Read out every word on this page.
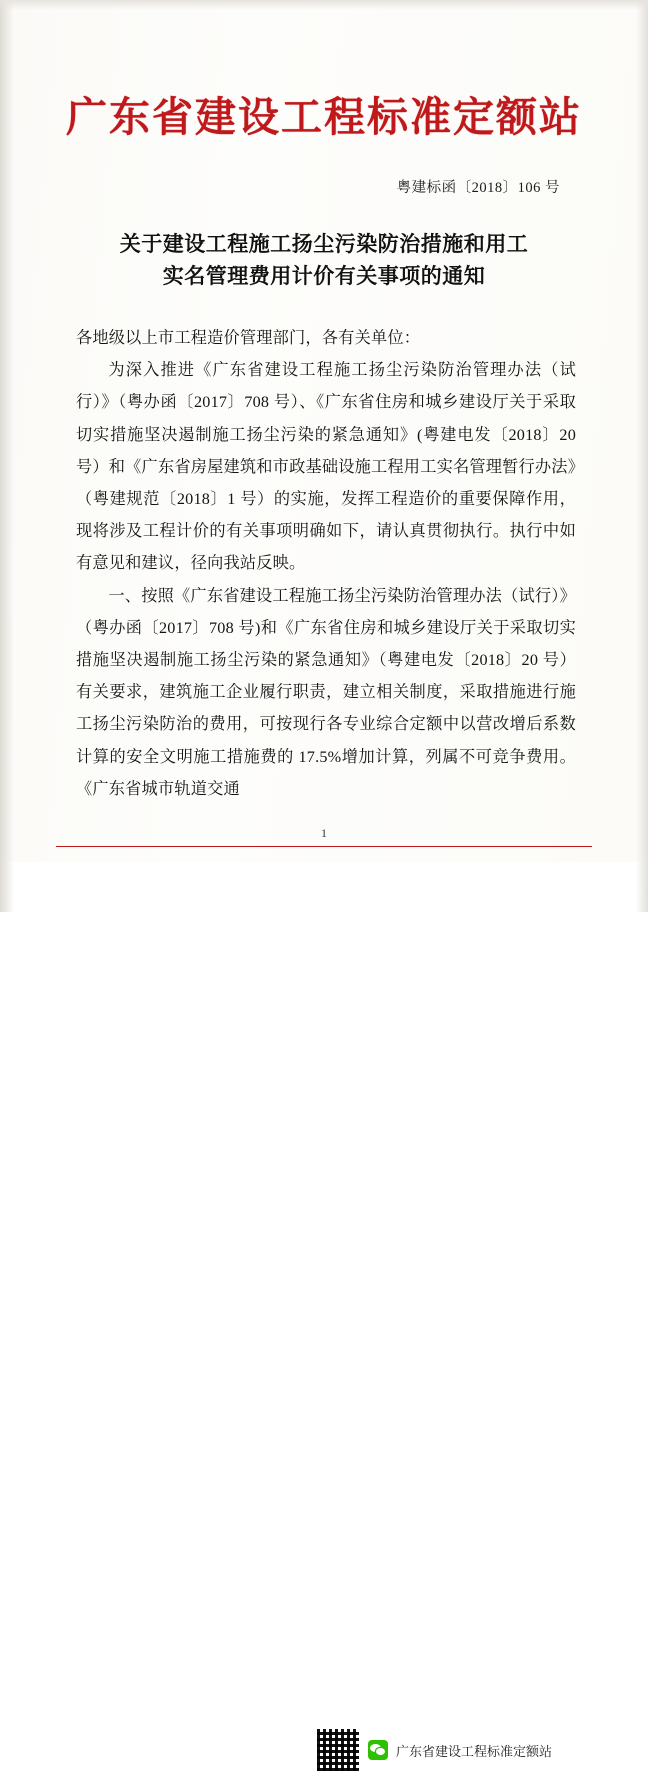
广东省建设工程标准定额站
粤建标函〔2018〕106 号
关于建设工程施工扬尘污染防治措施和用工
实名管理费用计价有关事项的通知

各地级以上市工程造价管理部门，各有关单位：

为深入推进《广东省建设工程施工扬尘污染防治管理办法（试行）》（粤办函〔2017〕708 号）、《广东省住房和城乡建设厅关于采取切实措施坚决遏制施工扬尘污染的紧急通知》(粤建电发〔2018〕20 号）和《广东省房屋建筑和市政基础设施工程用工实名管理暂行办法》（粤建规范〔2018〕1 号）的实施，发挥工程造价的重要保障作用，现将涉及工程计价的有关事项明确如下，请认真贯彻执行。执行中如有意见和建议，径向我站反映。

一、按照《广东省建设工程施工扬尘污染防治管理办法（试行）》（粤办函〔2017〕708 号)和《广东省住房和城乡建设厅关于采取切实措施坚决遏制施工扬尘污染的紧急通知》（粤建电发〔2018〕20 号）有关要求，建筑施工企业履行职责，建立相关制度，采取措施进行施工扬尘污染防治的费用，可按现行各专业综合定额中以营改增后系数计算的安全文明施工措施费的 17.5%增加计算，列属不可竞争费用。《广东省城市轨道交通

1
广东省建设工程标准定额站
